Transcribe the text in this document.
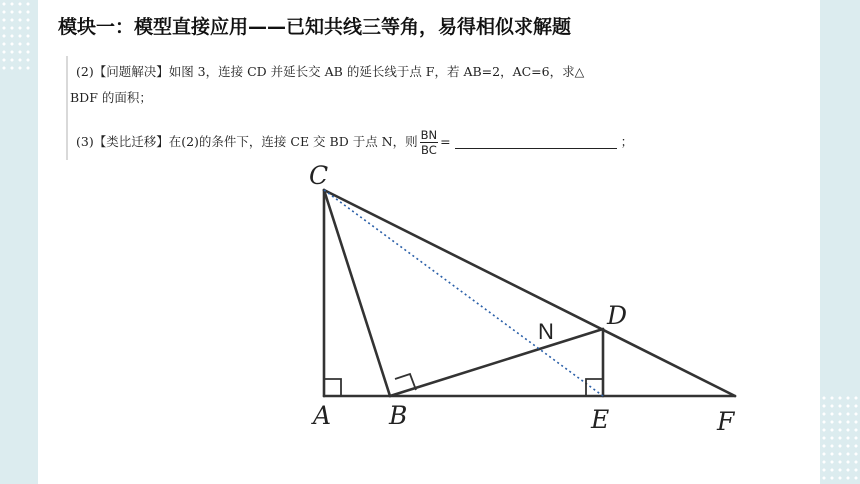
模块一：模型直接应用——已知共线三等角，易得相似求解题
(2)【问题解决】如图 3，连接 CD 并延长交 AB 的延长线于点 F，若 AB=2，AC=6，求△
BDF 的面积；
(3)【类比迁移】在(2)的条件下，连接 CE 交 BD 于点 N，则 $\frac{BN}{BC}$ =	；
C
A B	E	F
D
N
